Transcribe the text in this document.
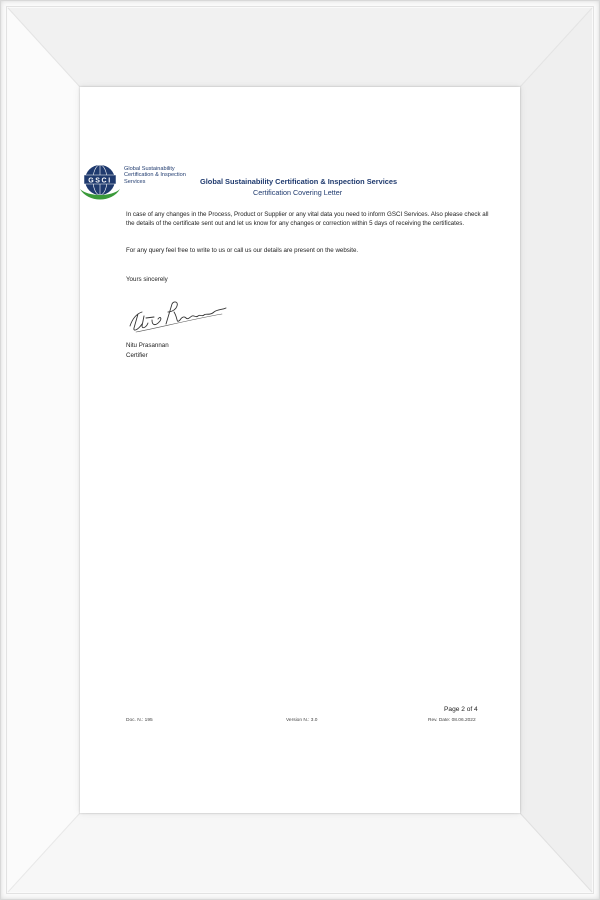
GSCI
Global Sustainability
Certification & Inspection
Services	Global Sustainability Certification & Inspection Services
Certification Covering Letter
In case of any changes in the Process, Product or Supplier or any vital data you need to inform GSCI Services. Also please check all the details of the certificate sent out and let us know for any changes or correction within 5 days of receiving the certificates.
For any query feel free to write to us or call us our details are present on the website.
Yours sincerely
Nitu Prasannan
Certifier
Page 2 of 4
Doc. N.: 195	Version N.: 3.0	Rev. Date: 08.06.2022
